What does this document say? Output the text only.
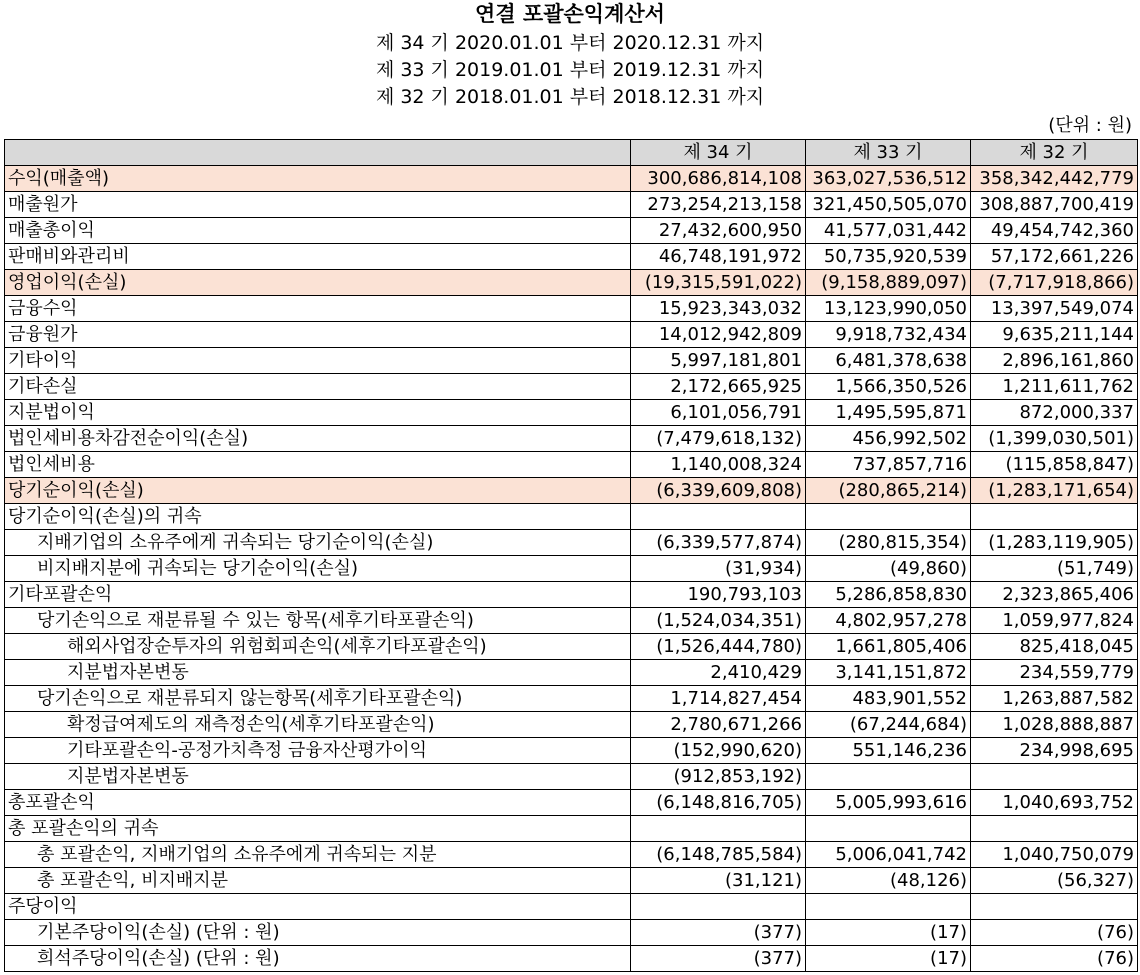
연결 포괄손익계산서
제 34 기 2020.01.01 부터 2020.12.31 까지
제 33 기 2019.01.01 부터 2019.12.31 까지
제 32 기 2018.01.01 부터 2018.12.31 까지
(단위 : 원)
	제 34 기	제 33 기	제 32 기
수익(매출액)	300,686,814,108	363,027,536,512	358,342,442,779
매출원가	273,254,213,158	321,450,505,070	308,887,700,419
매출총이익	27,432,600,950	41,577,031,442	49,454,742,360
판매비와관리비	46,748,191,972	50,735,920,539	57,172,661,226
영업이익(손실)	(19,315,591,022)	(9,158,889,097)	(7,717,918,866)
금융수익	15,923,343,032	13,123,990,050	13,397,549,074
금융원가	14,012,942,809	9,918,732,434	9,635,211,144
기타이익	5,997,181,801	6,481,378,638	2,896,161,860
기타손실	2,172,665,925	1,566,350,526	1,211,611,762
지분법이익	6,101,056,791	1,495,595,871	872,000,337
법인세비용차감전순이익(손실)	(7,479,618,132)	456,992,502	(1,399,030,501)
법인세비용	1,140,008,324	737,857,716	(115,858,847)
당기순이익(손실)	(6,339,609,808)	(280,865,214)	(1,283,171,654)
당기순이익(손실)의 귀속			
지배기업의 소유주에게 귀속되는 당기순이익(손실)	(6,339,577,874)	(280,815,354)	(1,283,119,905)
비지배지분에 귀속되는 당기순이익(손실)	(31,934)	(49,860)	(51,749)
기타포괄손익	190,793,103	5,286,858,830	2,323,865,406
당기손익으로 재분류될 수 있는 항목(세후기타포괄손익)	(1,524,034,351)	4,802,957,278	1,059,977,824
해외사업장순투자의 위험회피손익(세후기타포괄손익)	(1,526,444,780)	1,661,805,406	825,418,045
지분법자본변동	2,410,429	3,141,151,872	234,559,779
당기손익으로 재분류되지 않는항목(세후기타포괄손익)	1,714,827,454	483,901,552	1,263,887,582
확정급여제도의 재측정손익(세후기타포괄손익)	2,780,671,266	(67,244,684)	1,028,888,887
기타포괄손익-공정가치측정 금융자산평가이익	(152,990,620)	551,146,236	234,998,695
지분법자본변동	(912,853,192)		
총포괄손익	(6,148,816,705)	5,005,993,616	1,040,693,752
총 포괄손익의 귀속			
총 포괄손익, 지배기업의 소유주에게 귀속되는 지분	(6,148,785,584)	5,006,041,742	1,040,750,079
총 포괄손익, 비지배지분	(31,121)	(48,126)	(56,327)
주당이익			
기본주당이익(손실) (단위 : 원)	(377)	(17)	(76)
희석주당이익(손실) (단위 : 원)	(377)	(17)	(76)
